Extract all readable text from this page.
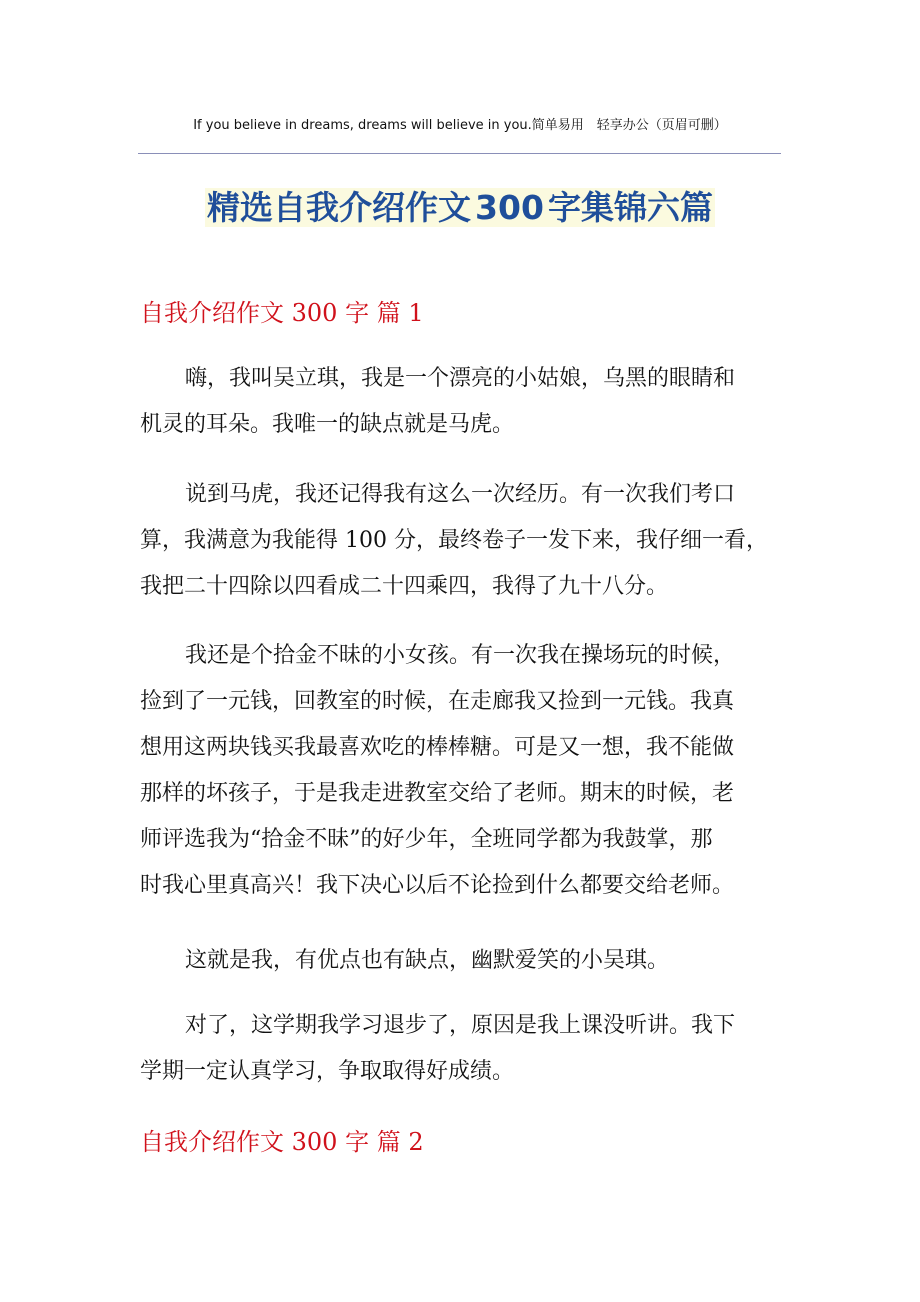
If you believe in dreams, dreams will believe in you.简单易用　轻享办公（页眉可删）
精选自我介绍作文 300 字集锦六篇
自我介绍作文 300 字 篇 1

嗨，我叫吴立琪，我是一个漂亮的小姑娘，乌黑的眼睛和
机灵的耳朵。我唯一的缺点就是马虎。

说到马虎，我还记得我有这么一次经历。有一次我们考口
算，我满意为我能得 100 分，最终卷子一发下来，我仔细一看，
我把二十四除以四看成二十四乘四，我得了九十八分。

我还是个拾金不昧的小女孩。有一次我在操场玩的时候，
捡到了一元钱，回教室的时候，在走廊我又捡到一元钱。我真
想用这两块钱买我最喜欢吃的棒棒糖。可是又一想，我不能做
那样的坏孩子，于是我走进教室交给了老师。期末的时候，老
师评选我为“拾金不昧”的好少年，全班同学都为我鼓掌，那
时我心里真高兴！我下决心以后不论捡到什么都要交给老师。

这就是我，有优点也有缺点，幽默爱笑的小吴琪。

对了，这学期我学习退步了，原因是我上课没听讲。我下
学期一定认真学习，争取取得好成绩。

自我介绍作文 300 字 篇 2
